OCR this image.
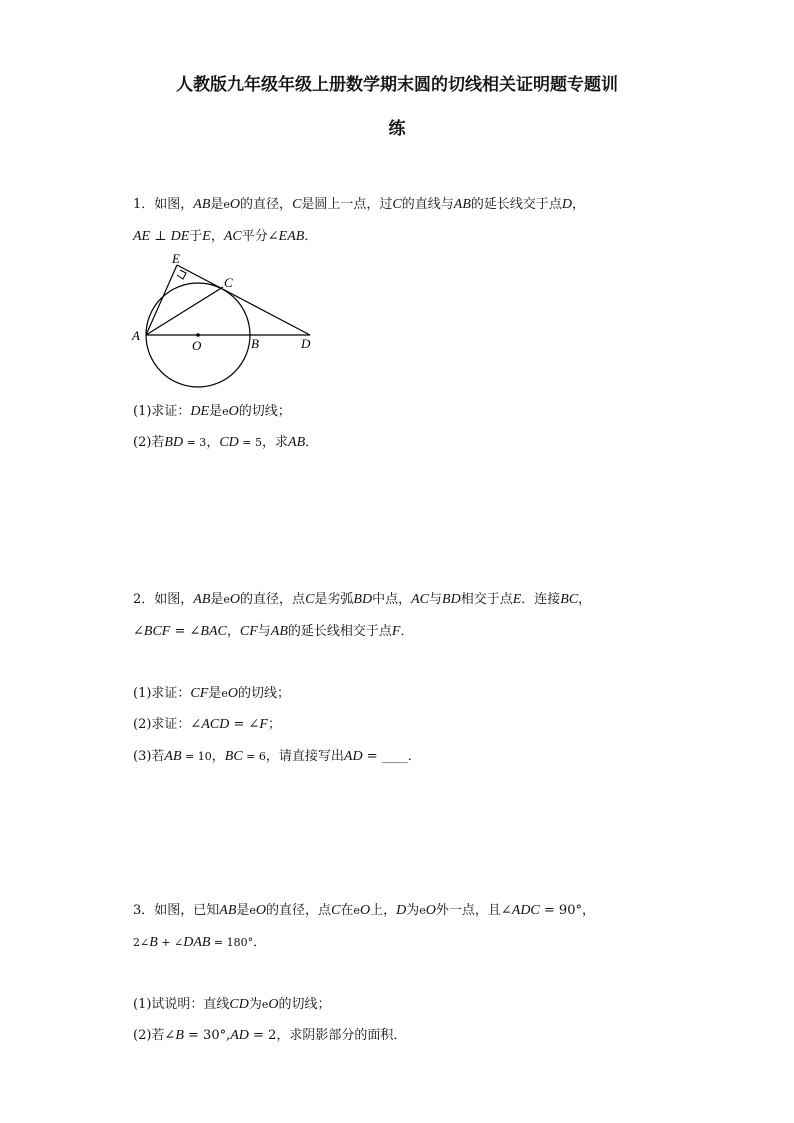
人教版九年级年级上册数学期末圆的切线相关证明题专题训
练
1．如图，AB是eO的直径，C是圆上一点，过C的直线与AB的延长线交于点D，
AE ⊥ DE于E，AC平分∠EAB．
E
C
A
O	B	D
(1)求证：DE是eO的切线；
(2)若BD = 3，CD = 5，求AB．
2．如图，AB是eO的直径，点C是劣弧BD中点，AC与BD相交于点E．连接BC，
∠BCF = ∠BAC，CF与AB的延长线相交于点F．
(1)求证：CF是eO的切线；
(2)求证：∠ACD = ∠F；
(3)若AB = 10，BC = 6，请直接写出AD = ____．
3．如图，已知AB是eO的直径，点C在eO上，D为eO外一点，且∠ADC = 90°，
2∠B + ∠DAB = 180°．
(1)试说明：直线CD为eO的切线；
(2)若∠B = 30°,AD = 2，求阴影部分的面积．
